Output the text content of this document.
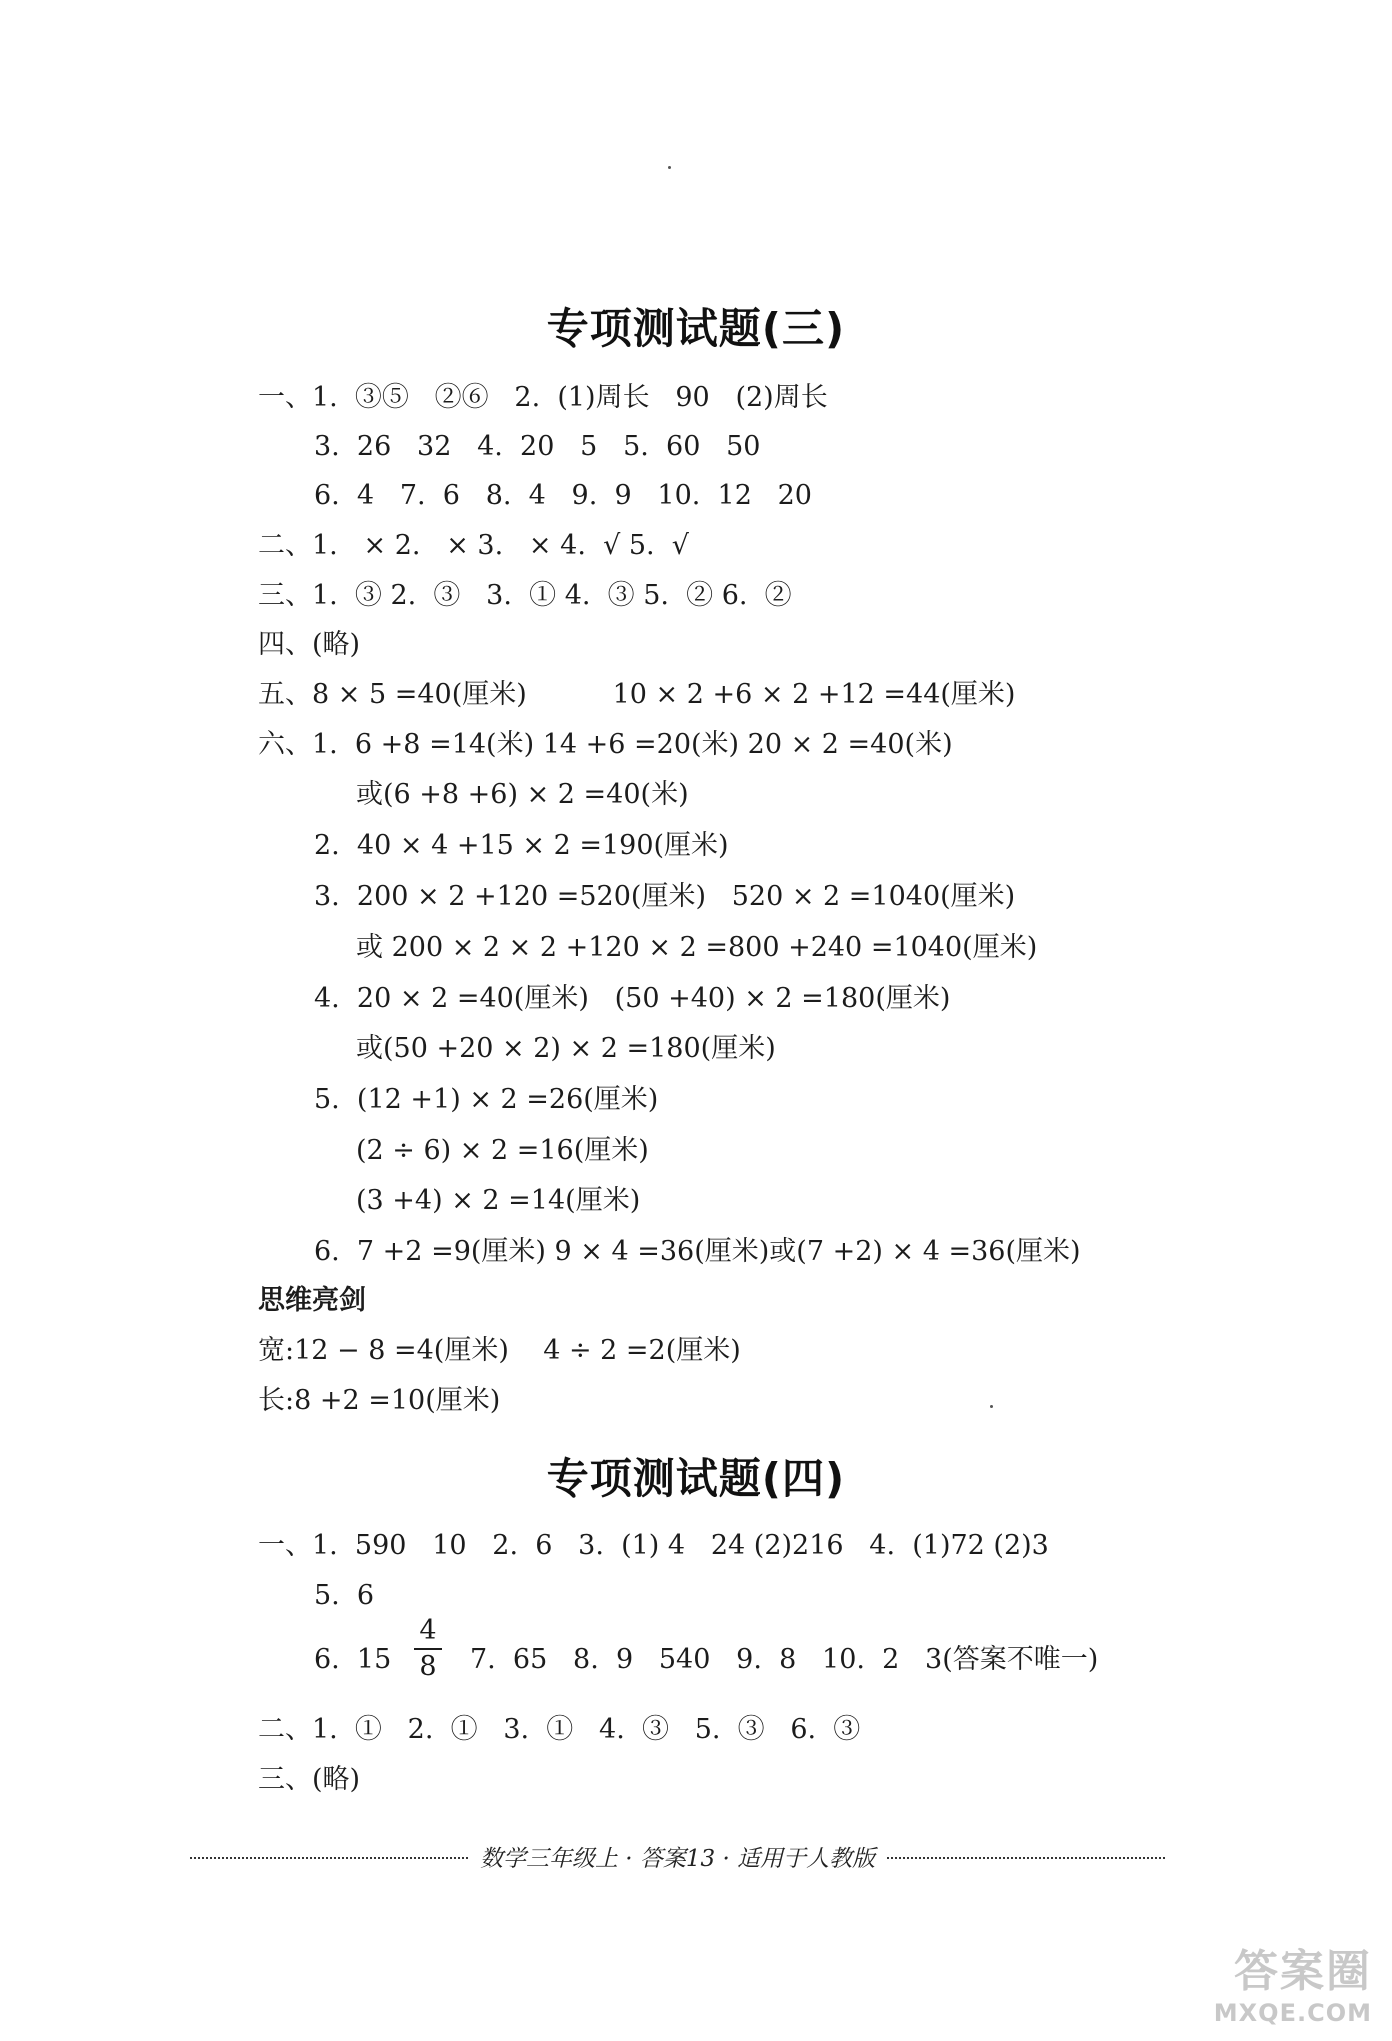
专项测试题(三)
一、1.  ③⑤   ②⑥   2.  (1)周长   90   (2)周长
3.  26   32   4.  20   5   5.  60   50
6.  4   7.  6   8.  4   9.  9   10.  12   20
二、1.   × 2.   × 3.   × 4.  √ 5.  √
三、1.  ③ 2.  ③   3.  ① 4.  ③ 5.  ② 6.  ②
四、(略)
五、8 × 5 =40(厘米)          10 × 2 +6 × 2 +12 =44(厘米)
六、1.  6 +8 =14(米) 14 +6 =20(米) 20 × 2 =40(米)
或(6 +8 +6) × 2 =40(米)
2.  40 × 4 +15 × 2 =190(厘米)
3.  200 × 2 +120 =520(厘米)   520 × 2 =1040(厘米)
或 200 × 2 × 2 +120 × 2 =800 +240 =1040(厘米)
4.  20 × 2 =40(厘米)   (50 +40) × 2 =180(厘米)
或(50 +20 × 2) × 2 =180(厘米)
5.  (12 +1) × 2 =26(厘米)
(2 ÷ 6) × 2 =16(厘米)
(3 +4) × 2 =14(厘米)
6.  7 +2 =9(厘米) 9 × 4 =36(厘米)或(7 +2) × 4 =36(厘米)
思维亮剑
宽:12 − 8 =4(厘米)    4 ÷ 2 =2(厘米)
长:8 +2 =10(厘米)
专项测试题(四)
一、1.  590   10   2.  6   3.  (1) 4   24 (2)216   4.  (1)72 (2)3
5.  6
6.  15
4
8	7.  65   8.  9   540   9.  8   10.  2   3(答案不唯一)
二、1.  ①   2.  ①   3.  ①   4.  ③   5.  ③   6.  ③
三、(略)
数学三年级上 · 答案13 · 适用于人教版
答案圈
MXQE.COM
